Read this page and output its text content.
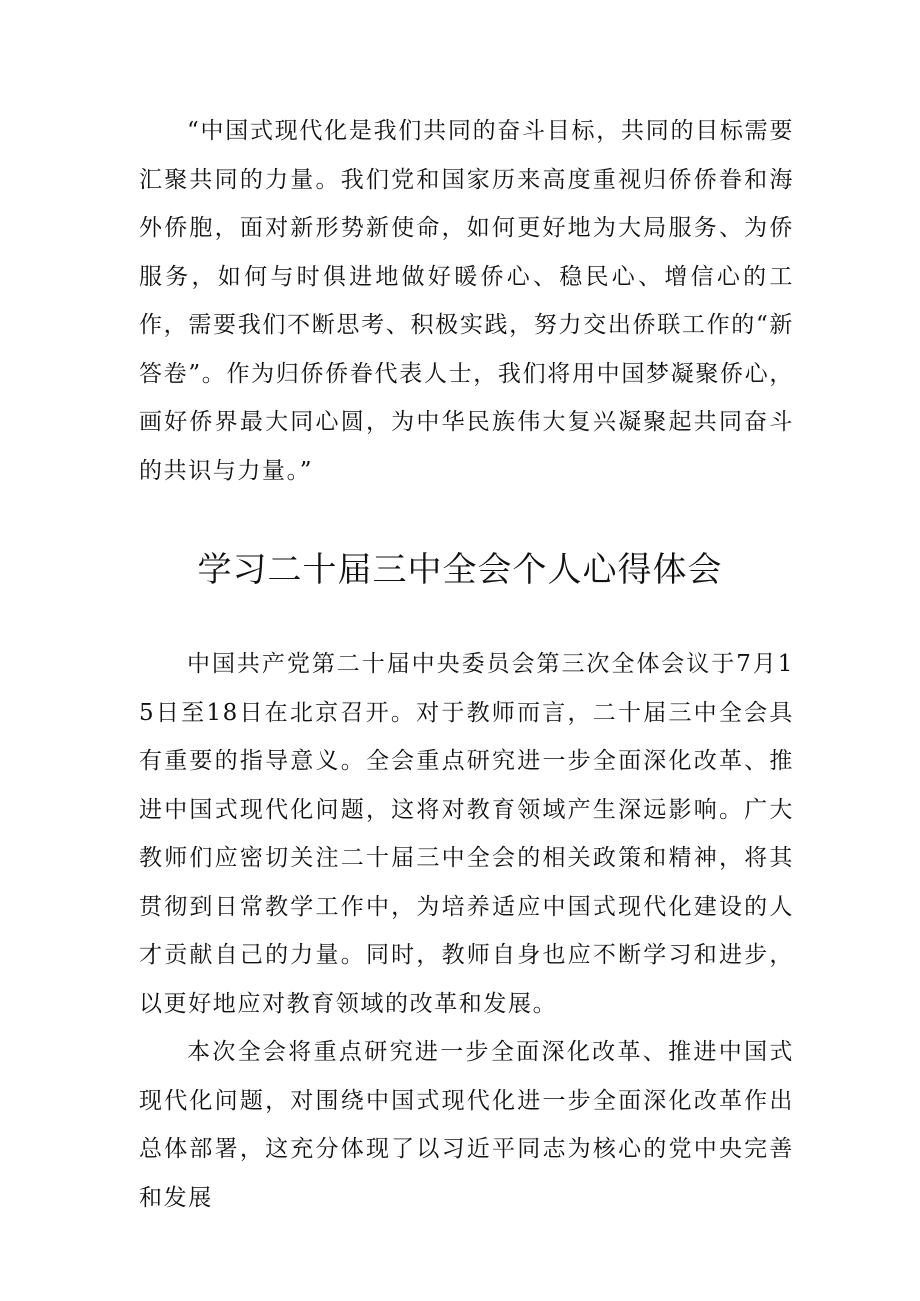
“中国式现代化是我们共同的奋斗目标，共同的目标需要汇聚共同的力量。我们党和国家历来高度重视归侨侨眷和海外侨胞，面对新形势新使命，如何更好地为大局服务、为侨服务，如何与时俱进地做好暖侨心、稳民心、增信心的工作，需要我们不断思考、积极实践，努力交出侨联工作的“新答卷”。作为归侨侨眷代表人士，我们将用中国梦凝聚侨心，画好侨界最大同心圆，为中华民族伟大复兴凝聚起共同奋斗的共识与力量。”

学习二十届三中全会个人心得体会

中国共产党第二十届中央委员会第三次全体会议于7月15日至18日在北京召开。对于教师而言，二十届三中全会具有重要的指导意义。全会重点研究进一步全面深化改革、推进中国式现代化问题，这将对教育领域产生深远影响。广大教师们应密切关注二十届三中全会的相关政策和精神，将其贯彻到日常教学工作中，为培养适应中国式现代化建设的人才贡献自己的力量。同时，教师自身也应不断学习和进步，以更好地应对教育领域的改革和发展。

本次全会将重点研究进一步全面深化改革、推进中国式现代化问题，对围绕中国式现代化进一步全面深化改革作出总体部署，这充分体现了以习近平同志为核心的党中央完善和发展
